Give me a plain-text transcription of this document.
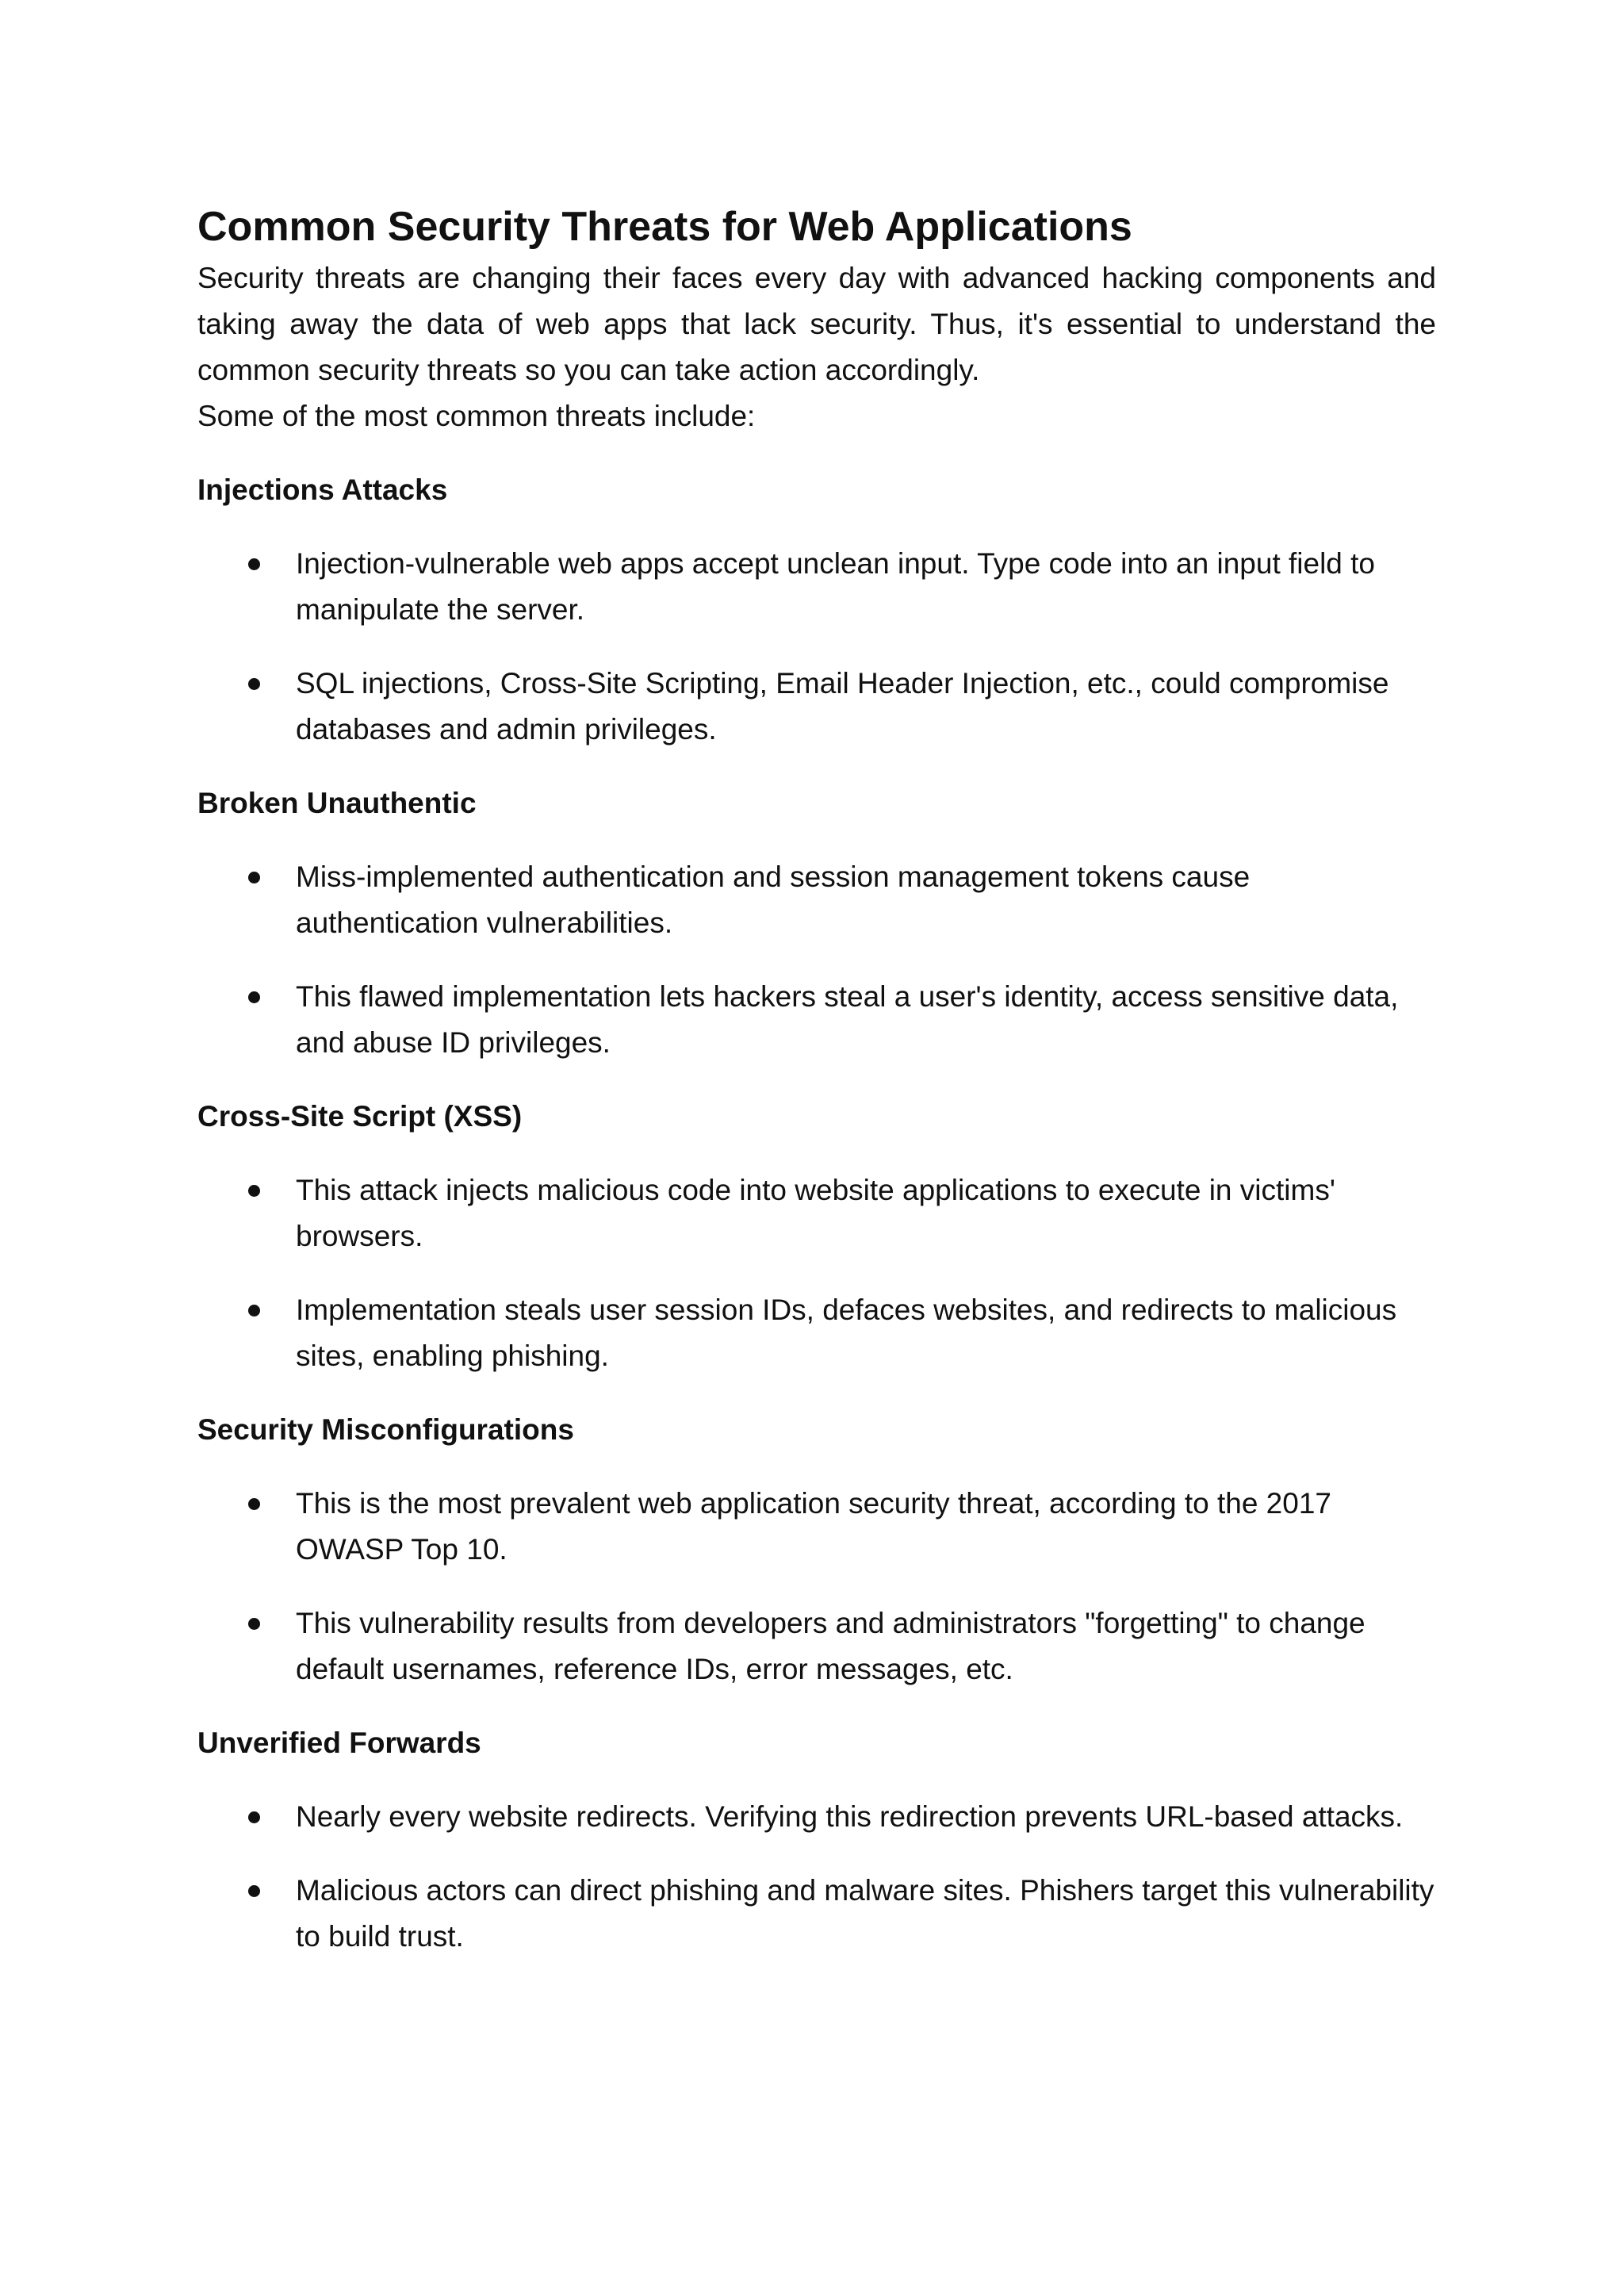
Common Security Threats for Web Applications

Security threats are changing their faces every day with advanced hacking components and taking away the data of web apps that lack security. Thus, it's essential to understand the common security threats so you can take action accordingly.

Some of the most common threats include:

Injections Attacks
Injection-vulnerable web apps accept unclean input. Type code into an input field to manipulate the server.
SQL injections, Cross-Site Scripting, Email Header Injection, etc., could compromise databases and admin privileges.
Broken Unauthentic
Miss-implemented authentication and session management tokens cause authentication vulnerabilities.
This flawed implementation lets hackers steal a user's identity, access sensitive data, and abuse ID privileges.
Cross-Site Script (XSS)
This attack injects malicious code into website applications to execute in victims' browsers.
Implementation steals user session IDs, defaces websites, and redirects to malicious sites, enabling phishing.
Security Misconfigurations
This is the most prevalent web application security threat, according to the 2017 OWASP Top 10.
This vulnerability results from developers and administrators "forgetting" to change default usernames, reference IDs, error messages, etc.
Unverified Forwards
Nearly every website redirects. Verifying this redirection prevents URL-based attacks.
Malicious actors can direct phishing and malware sites. Phishers target this vulnerability to build trust.
